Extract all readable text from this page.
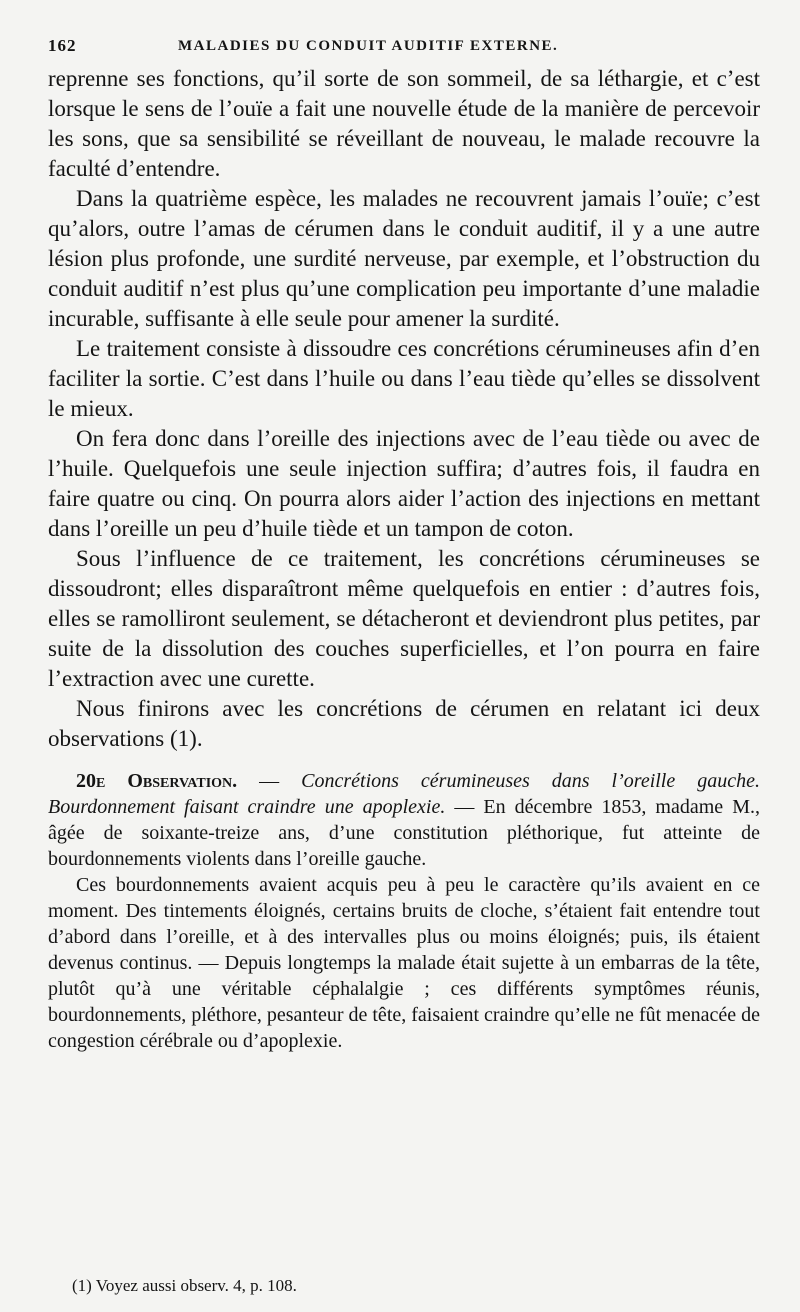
162	MALADIES DU CONDUIT AUDITIF EXTERNE.

reprenne ses fonctions, qu’il sorte de son sommeil, de sa léthargie, et c’est lorsque le sens de l’ouïe a fait une nouvelle étude de la manière de percevoir les sons, que sa sensibilité se réveillant de nouveau, le malade recouvre la faculté d’entendre.

Dans la quatrième espèce, les malades ne recouvrent jamais l’ouïe; c’est qu’alors, outre l’amas de cérumen dans le conduit auditif, il y a une autre lésion plus profonde, une surdité nerveuse, par exemple, et l’obstruction du conduit auditif n’est plus qu’une complication peu importante d’une maladie incurable, suffisante à elle seule pour amener la surdité.

Le traitement consiste à dissoudre ces concrétions cérumineuses afin d’en faciliter la sortie. C’est dans l’huile ou dans l’eau tiède qu’elles se dissolvent le mieux.

On fera donc dans l’oreille des injections avec de l’eau tiède ou avec de l’huile. Quelquefois une seule injection suffira; d’autres fois, il faudra en faire quatre ou cinq. On pourra alors aider l’action des injections en mettant dans l’oreille un peu d’huile tiède et un tampon de coton.

Sous l’influence de ce traitement, les concrétions cérumineuses se dissoudront; elles disparaîtront même quelquefois en entier : d’autres fois, elles se ramolliront seulement, se détacheront et deviendront plus petites, par suite de la dissolution des couches superficielles, et l’on pourra en faire l’extraction avec une curette.

Nous finirons avec les concrétions de cérumen en relatant ici deux observations (1).

20e Observation. — Concrétions cérumineuses dans l’oreille gauche. Bourdonnement faisant craindre une apoplexie. — En décembre 1853, madame M., âgée de soixante-treize ans, d’une constitution pléthorique, fut atteinte de bourdonnements violents dans l’oreille gauche.

Ces bourdonnements avaient acquis peu à peu le caractère qu’ils avaient en ce moment. Des tintements éloignés, certains bruits de cloche, s’étaient fait entendre tout d’abord dans l’oreille, et à des intervalles plus ou moins éloignés; puis, ils étaient devenus continus. — Depuis longtemps la malade était sujette à un embarras de la tête, plutôt qu’à une véritable céphalalgie ; ces différents symptômes réunis, bourdonnements, pléthore, pesanteur de tête, faisaient craindre qu’elle ne fût menacée de congestion cérébrale ou d’apoplexie.

(1) Voyez aussi observ. 4, p. 108.
